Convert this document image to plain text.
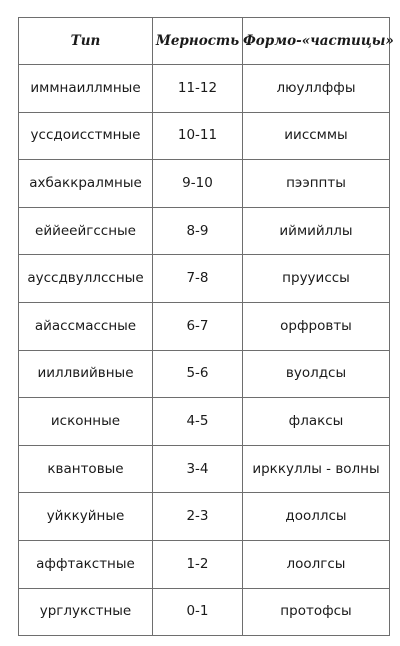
Тип	Мерность	Формо-«частицы»
иммнаиллмные	11-12	люуллффы
уссдоисстмные	10-11	иисcммы
ахбаккралмные	9-10	пээппты
еййеейгссные	8-9	иймийллы
аусcдвуллссные	7-8	прууиссы
айассмассные	6-7	орфровты
ииллвийвные	5-6	вуолдсы
исконные	4-5	флаксы
квантовые	3-4	ирккуллы - волны
уйккуйные	2-3	дooллсы
аффтакстные	1-2	лоолгсы
урглукстные	0-1	протофсы
